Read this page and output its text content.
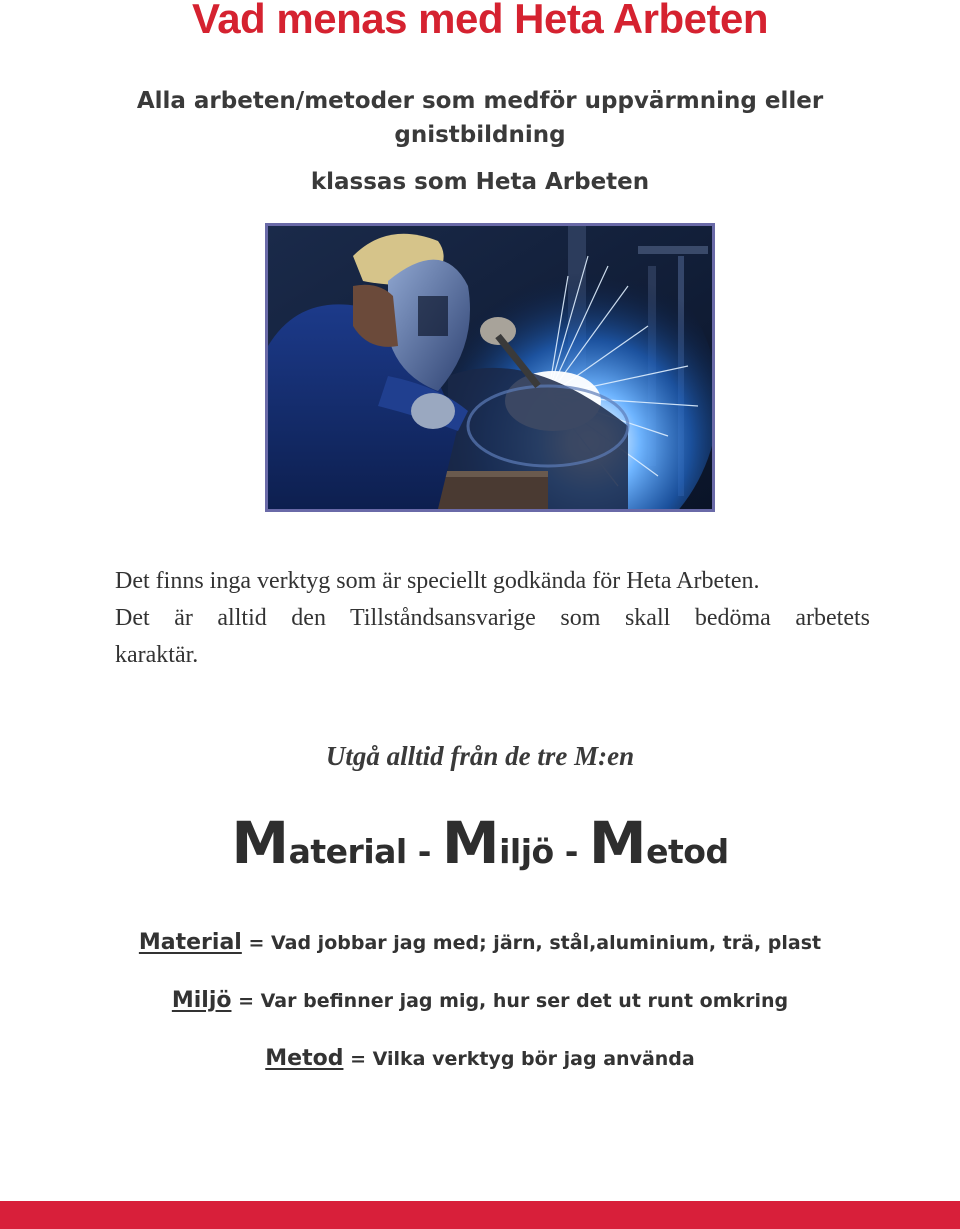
Vad menas med Heta Arbeten
Alla arbeten/metoder som medför uppvärmning eller
gnistbildning
klassas som Heta Arbeten
Det finns inga verktyg som är speciellt godkända för Heta Arbeten.
Det är alltid den Tillståndsansvarige som skall bedöma arbetets
karaktär.

Utgå alltid från de tre M:en

Material - Miljö - Metod

Material = Vad jobbar jag med; järn, stål,aluminium, trä, plast

Miljö = Var befinner jag mig, hur ser det ut runt omkring

Metod = Vilka verktyg bör jag använda
